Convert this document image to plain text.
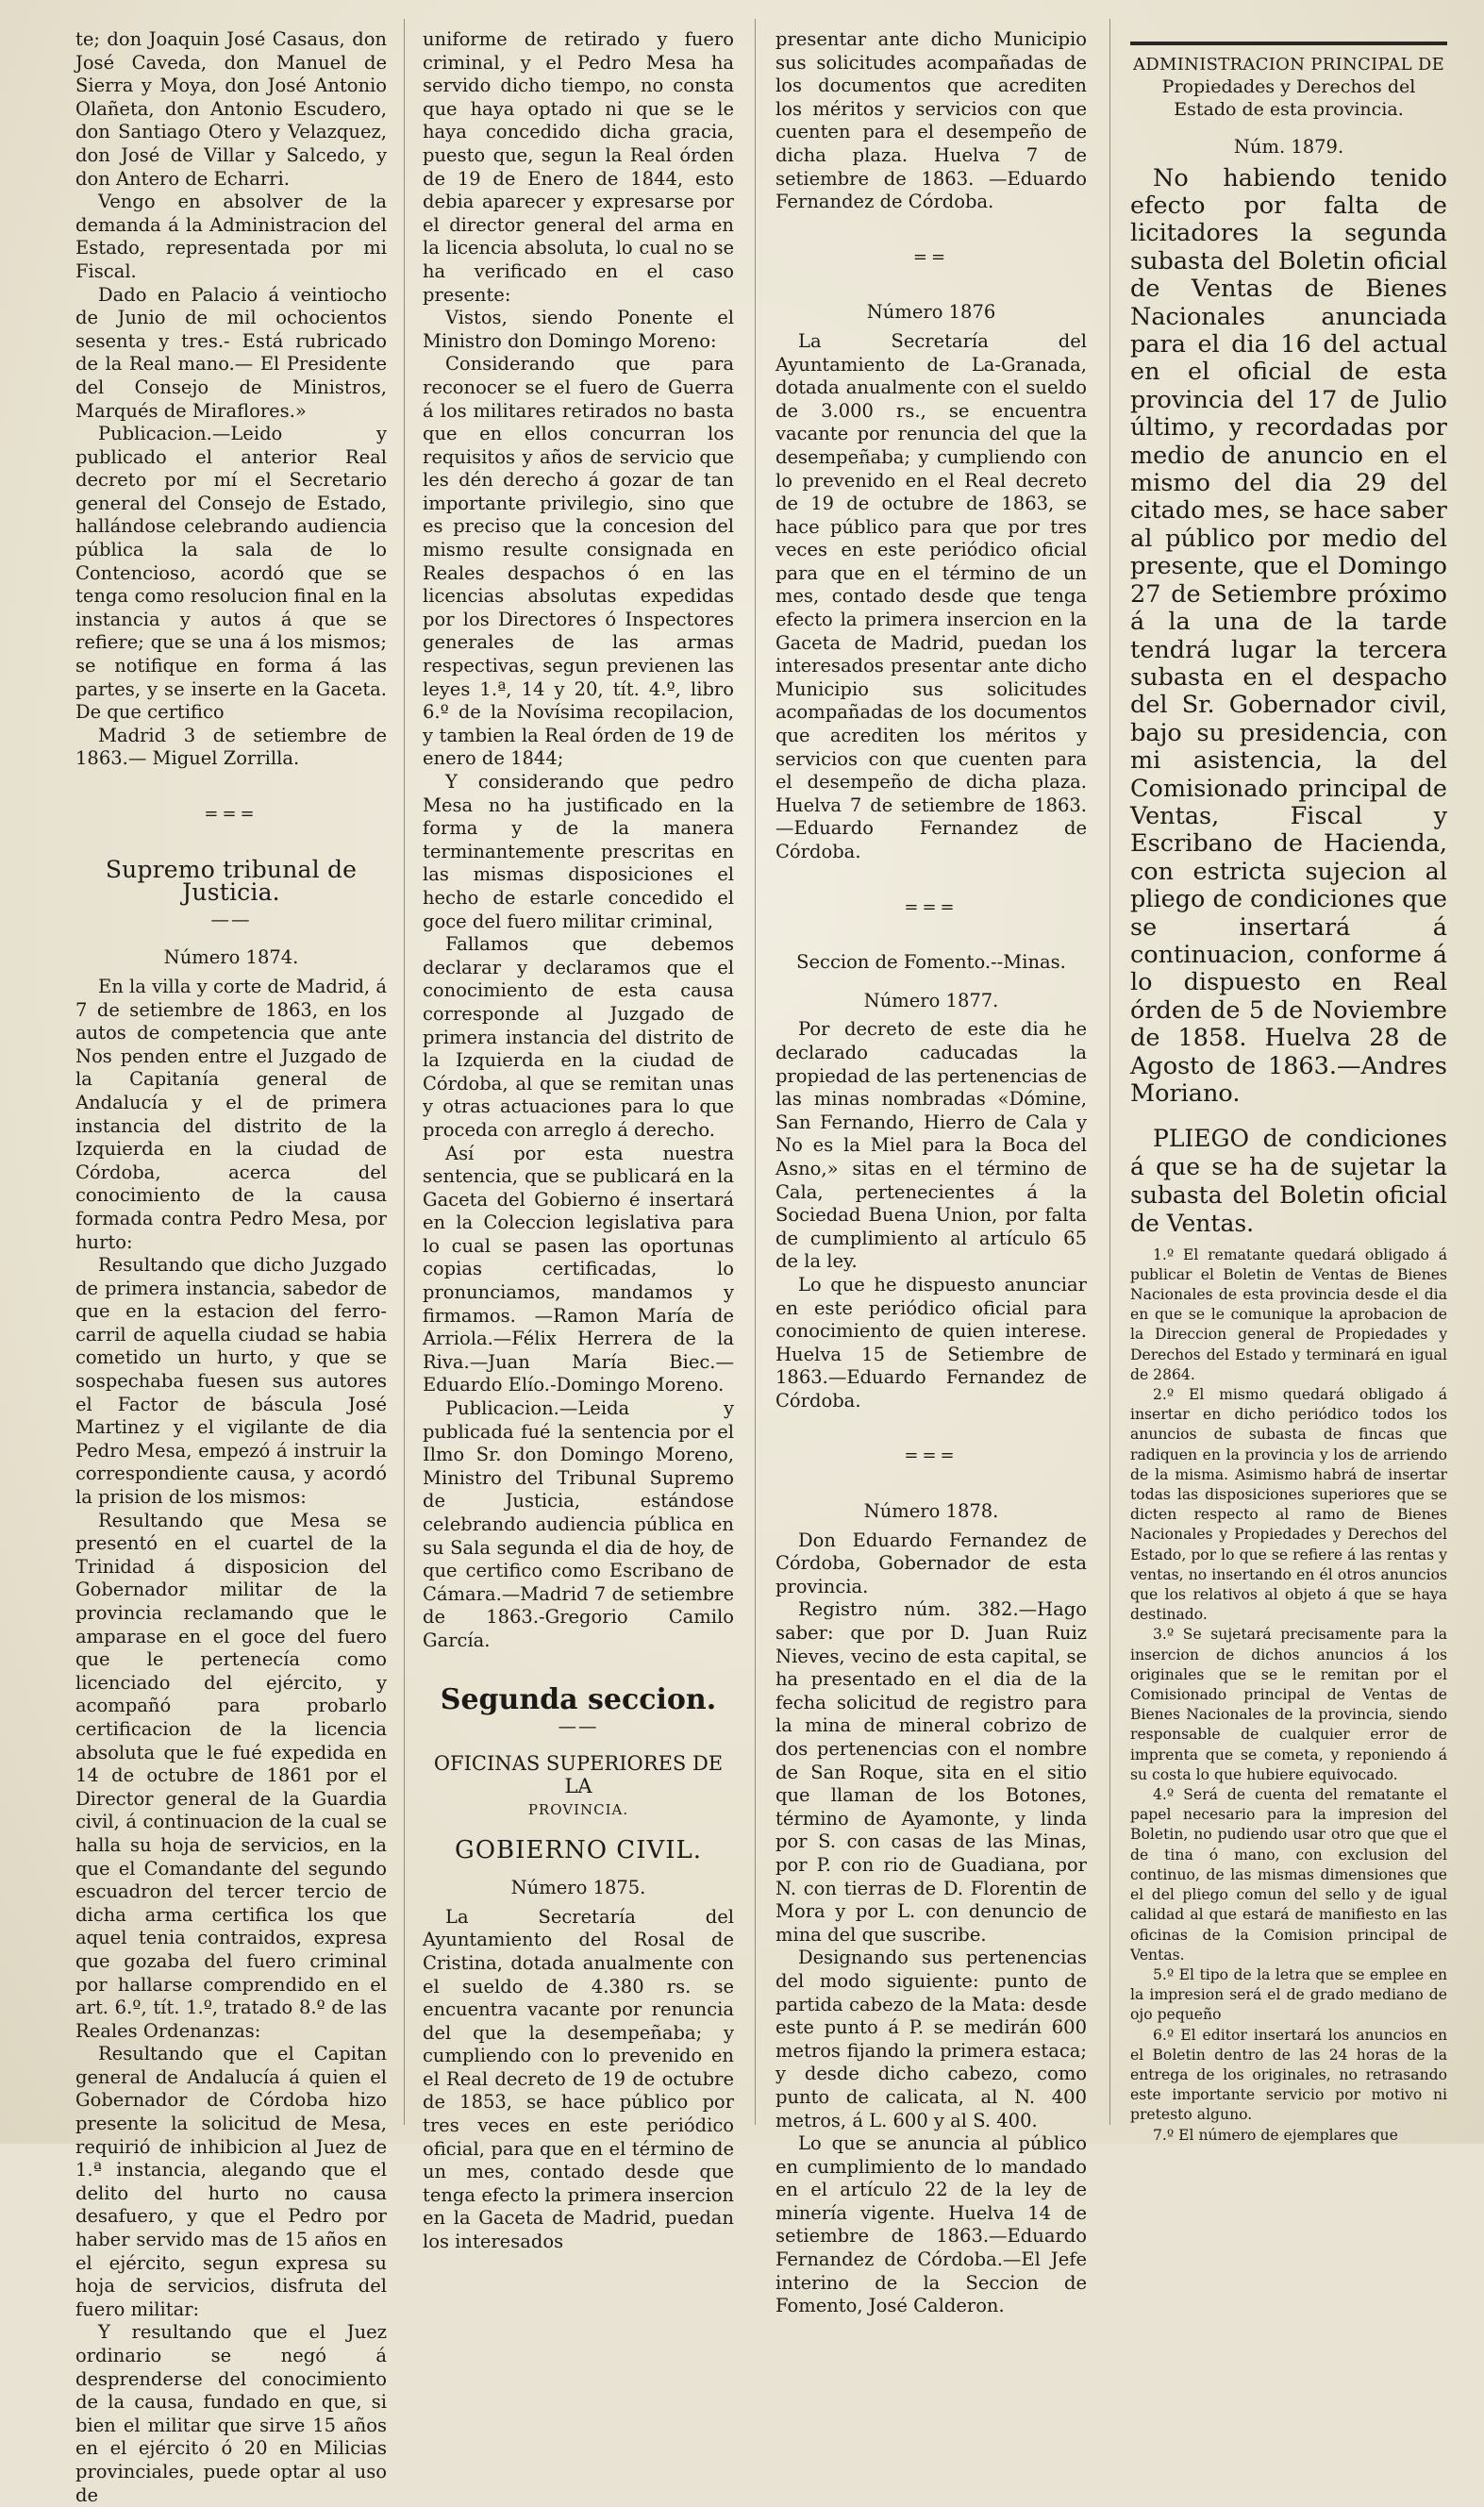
te; don Joaquin José Casaus, don José Caveda, don Manuel de Sierra y Moya, don José Antonio Olañeta, don Antonio Escudero, don Santiago Otero y Velazquez, don José de Villar y Salcedo, y don Antero de Echarri.

Vengo en absolver de la demanda á la Administracion del Estado, representada por mi Fiscal.

Dado en Palacio á veintiocho de Junio de mil ochocientos sesenta y tres.- Está rubricado de la Real mano.— El Presidente del Consejo de Ministros, Marqués de Miraflores.»

Publicacion.—Leido y publicado el anterior Real decreto por mí el Secretario general del Consejo de Estado, hallándose celebrando audiencia pública la sala de lo Contencioso, acordó que se tenga como resolucion final en la instancia y autos á que se refiere; que se una á los mismos; se notifique en forma á las partes, y se inserte en la Gaceta. De que certifico

Madrid 3 de setiembre de 1863.— Miguel Zorrilla.

===
Supremo tribunal de Justicia.
——
Número 1874.

En la villa y corte de Madrid, á 7 de setiembre de 1863, en los autos de competencia que ante Nos penden entre el Juzgado de la Capitanía general de Andalucía y el de primera instancia del distrito de la Izquierda en la ciudad de Córdoba, acerca del conocimiento de la causa formada contra Pedro Mesa, por hurto:

Resultando que dicho Juzgado de primera instancia, sabedor de que en la estacion del ferro-carril de aquella ciudad se habia cometido un hurto, y que se sospechaba fuesen sus autores el Factor de báscula José Martinez y el vigilante de dia Pedro Mesa, empezó á instruir la correspondiente causa, y acordó la prision de los mismos:

Resultando que Mesa se presentó en el cuartel de la Trinidad á disposicion del Gobernador militar de la provincia reclamando que le amparase en el goce del fuero que le pertenecía como licenciado del ejército, y acompañó para probarlo certificacion de la licencia absoluta que le fué expedida en 14 de octubre de 1861 por el Director general de la Guardia civil, á continuacion de la cual se halla su hoja de servicios, en la que el Comandante del segundo escuadron del tercer tercio de dicha arma certifica los que aquel tenia contraidos, expresa que gozaba del fuero criminal por hallarse comprendido en el art. 6.º, tít. 1.º, tratado 8.º de las Reales Ordenanzas:

Resultando que el Capitan general de Andalucía á quien el Gobernador de Córdoba hizo presente la solicitud de Mesa, requirió de inhibicion al Juez de 1.ª instancia, alegando que el delito del hurto no causa desafuero, y que el Pedro por haber servido mas de 15 años en el ejército, segun expresa su hoja de servicios, disfruta del fuero militar:

Y resultando que el Juez ordinario se negó á desprenderse del conocimiento de la causa, fundado en que, si bien el militar que sirve 15 años en el ejército ó 20 en Milicias provinciales, puede optar al uso de

uniforme de retirado y fuero criminal, y el Pedro Mesa ha servido dicho tiempo, no consta que haya optado ni que se le haya concedido dicha gracia, puesto que, segun la Real órden de 19 de Enero de 1844, esto debia aparecer y expresarse por el director general del arma en la licencia absoluta, lo cual no se ha verificado en el caso presente:

Vistos, siendo Ponente el Ministro don Domingo Moreno:

Considerando que para reconocer se el fuero de Guerra á los militares retirados no basta que en ellos concurran los requisitos y años de servicio que les dén derecho á gozar de tan importante privilegio, sino que es preciso que la concesion del mismo resulte consignada en Reales despachos ó en las licencias absolutas expedidas por los Directores ó Inspectores generales de las armas respectivas, segun previenen las leyes 1.ª, 14 y 20, tít. 4.º, libro 6.º de la Novísima recopilacion, y tambien la Real órden de 19 de enero de 1844;

Y considerando que pedro Mesa no ha justificado en la forma y de la manera terminantemente prescritas en las mismas disposiciones el hecho de estarle concedido el goce del fuero militar criminal,

Fallamos que debemos declarar y declaramos que el conocimiento de esta causa corresponde al Juzgado de primera instancia del distrito de la Izquierda en la ciudad de Córdoba, al que se remitan unas y otras actuaciones para lo que proceda con arreglo á derecho.

Así por esta nuestra sentencia, que se publicará en la Gaceta del Gobierno é insertará en la Coleccion legislativa para lo cual se pasen las oportunas copias certificadas, lo pronunciamos, mandamos y firmamos. —Ramon María de Arriola.—Félix Herrera de la Riva.—Juan María Biec.—Eduardo Elío.-Domingo Moreno.

Publicacion.—Leida y publicada fué la sentencia por el Ilmo Sr. don Domingo Moreno, Ministro del Tribunal Supremo de Justicia, estándose celebrando audiencia pública en su Sala segunda el dia de hoy, de que certifico como Escribano de Cámara.—Madrid 7 de setiembre de 1863.-Gregorio Camilo García.

Segunda seccion.
——
OFICINAS SUPERIORES DE LA
PROVINCIA.
GOBIERNO CIVIL.
Número 1875.

La Secretaría del Ayuntamiento del Rosal de Cristina, dotada anualmente con el sueldo de 4.380 rs. se encuentra vacante por renuncia del que la desempeñaba; y cumpliendo con lo prevenido en el Real decreto de 19 de octubre de 1853, se hace público por tres veces en este periódico oficial, para que en el término de un mes, contado desde que tenga efecto la primera insercion en la Gaceta de Madrid, puedan los interesados

presentar ante dicho Municipio sus solicitudes acompañadas de los documentos que acrediten los méritos y servicios con que cuenten para el desempeño de dicha plaza. Huelva 7 de setiembre de 1863. —Eduardo Fernandez de Córdoba.

==
Número 1876

La Secretaría del Ayuntamiento de La-Granada, dotada anualmente con el sueldo de 3.000 rs., se encuentra vacante por renuncia del que la desempeñaba; y cumpliendo con lo prevenido en el Real decreto de 19 de octubre de 1863, se hace público para que por tres veces en este periódico oficial para que en el término de un mes, contado desde que tenga efecto la primera insercion en la Gaceta de Madrid, puedan los interesados presentar ante dicho Municipio sus solicitudes acompañadas de los documentos que acrediten los méritos y servicios con que cuenten para el desempeño de dicha plaza. Huelva 7 de setiembre de 1863.—Eduardo Fernandez de Córdoba.

===
Seccion de Fomento.--Minas.
Número 1877.

Por decreto de este dia he declarado caducadas la propiedad de las pertenencias de las minas nombradas «Dómine, San Fernando, Hierro de Cala y No es la Miel para la Boca del Asno,» sitas en el término de Cala, pertenecientes á la Sociedad Buena Union, por falta de cumplimiento al artículo 65 de la ley.

Lo que he dispuesto anunciar en este periódico oficial para conocimiento de quien interese. Huelva 15 de Setiembre de 1863.—Eduardo Fernandez de Córdoba.

===
Número 1878.

Don Eduardo Fernandez de Córdoba, Gobernador de esta provincia.

Registro núm. 382.—Hago saber: que por D. Juan Ruiz Nieves, vecino de esta capital, se ha presentado en el dia de la fecha solicitud de registro para la mina de mineral cobrizo de dos pertenencias con el nombre de San Roque, sita en el sitio que llaman de los Botones, término de Ayamonte, y linda por S. con casas de las Minas, por P. con rio de Guadiana, por N. con tierras de D. Florentin de Mora y por L. con denuncio de mina del que suscribe.

Designando sus pertenencias del modo siguiente: punto de partida cabezo de la Mata: desde este punto á P. se medirán 600 metros fijando la primera estaca; y desde dicho cabezo, como punto de calicata, al N. 400 metros, á L. 600 y al S. 400.

Lo que se anuncia al público en cumplimiento de lo mandado en el artículo 22 de la ley de minería vigente. Huelva 14 de setiembre de 1863.—Eduardo Fernandez de Córdoba.—El Jefe interino de la Seccion de Fomento, José Calderon.

ADMINISTRACION PRINCIPAL DE
Propiedades y Derechos del Estado de esta provincia.
Núm. 1879.

No habiendo tenido efecto por falta de licitadores la segunda subasta del Boletin oficial de Ventas de Bienes Nacionales anunciada para el dia 16 del actual en el oficial de esta provincia del 17 de Julio último, y recordadas por medio de anuncio en el mismo del dia 29 del citado mes, se hace saber al público por medio del presente, que el Domingo 27 de Setiembre próximo á la una de la tarde tendrá lugar la tercera subasta en el despacho del Sr. Gobernador civil, bajo su presidencia, con mi asistencia, la del Comisionado principal de Ventas, Fiscal y Escribano de Hacienda, con estricta sujecion al pliego de condiciones que se insertará á continuacion, conforme á lo dispuesto en Real órden de 5 de Noviembre de 1858. Huelva 28 de Agosto de 1863.—Andres Moriano.

PLIEGO de condiciones á que se ha de sujetar la subasta del Boletin oficial de Ventas.

1.º El rematante quedará obligado á publicar el Boletin de Ventas de Bienes Nacionales de esta provincia desde el dia en que se le comunique la aprobacion de la Direccion general de Propiedades y Derechos del Estado y terminará en igual de 2864.

2.º El mismo quedará obligado á insertar en dicho periódico todos los anuncios de subasta de fincas que radiquen en la provincia y los de arriendo de la misma. Asimismo habrá de insertar todas las disposiciones superiores que se dicten respecto al ramo de Bienes Nacionales y Propiedades y Derechos del Estado, por lo que se refiere á las rentas y ventas, no insertando en él otros anuncios que los relativos al objeto á que se haya destinado.

3.º Se sujetará precisamente para la insercion de dichos anuncios á los originales que se le remitan por el Comisionado principal de Ventas de Bienes Nacionales de la provincia, siendo responsable de cualquier error de imprenta que se cometa, y reponiendo á su costa lo que hubiere equivocado.

4.º Será de cuenta del rematante el papel necesario para la impresion del Boletin, no pudiendo usar otro que que el de tina ó mano, con exclusion del continuo, de las mismas dimensiones que el del pliego comun del sello y de igual calidad al que estará de manifiesto en las oficinas de la Comision principal de Ventas.

5.º El tipo de la letra que se emplee en la impresion será el de grado mediano de ojo pequeño

6.º El editor insertará los anuncios en el Boletin dentro de las 24 horas de la entrega de los originales, no retrasando este importante servicio por motivo ni pretesto alguno.

7.º El número de ejemplares que
